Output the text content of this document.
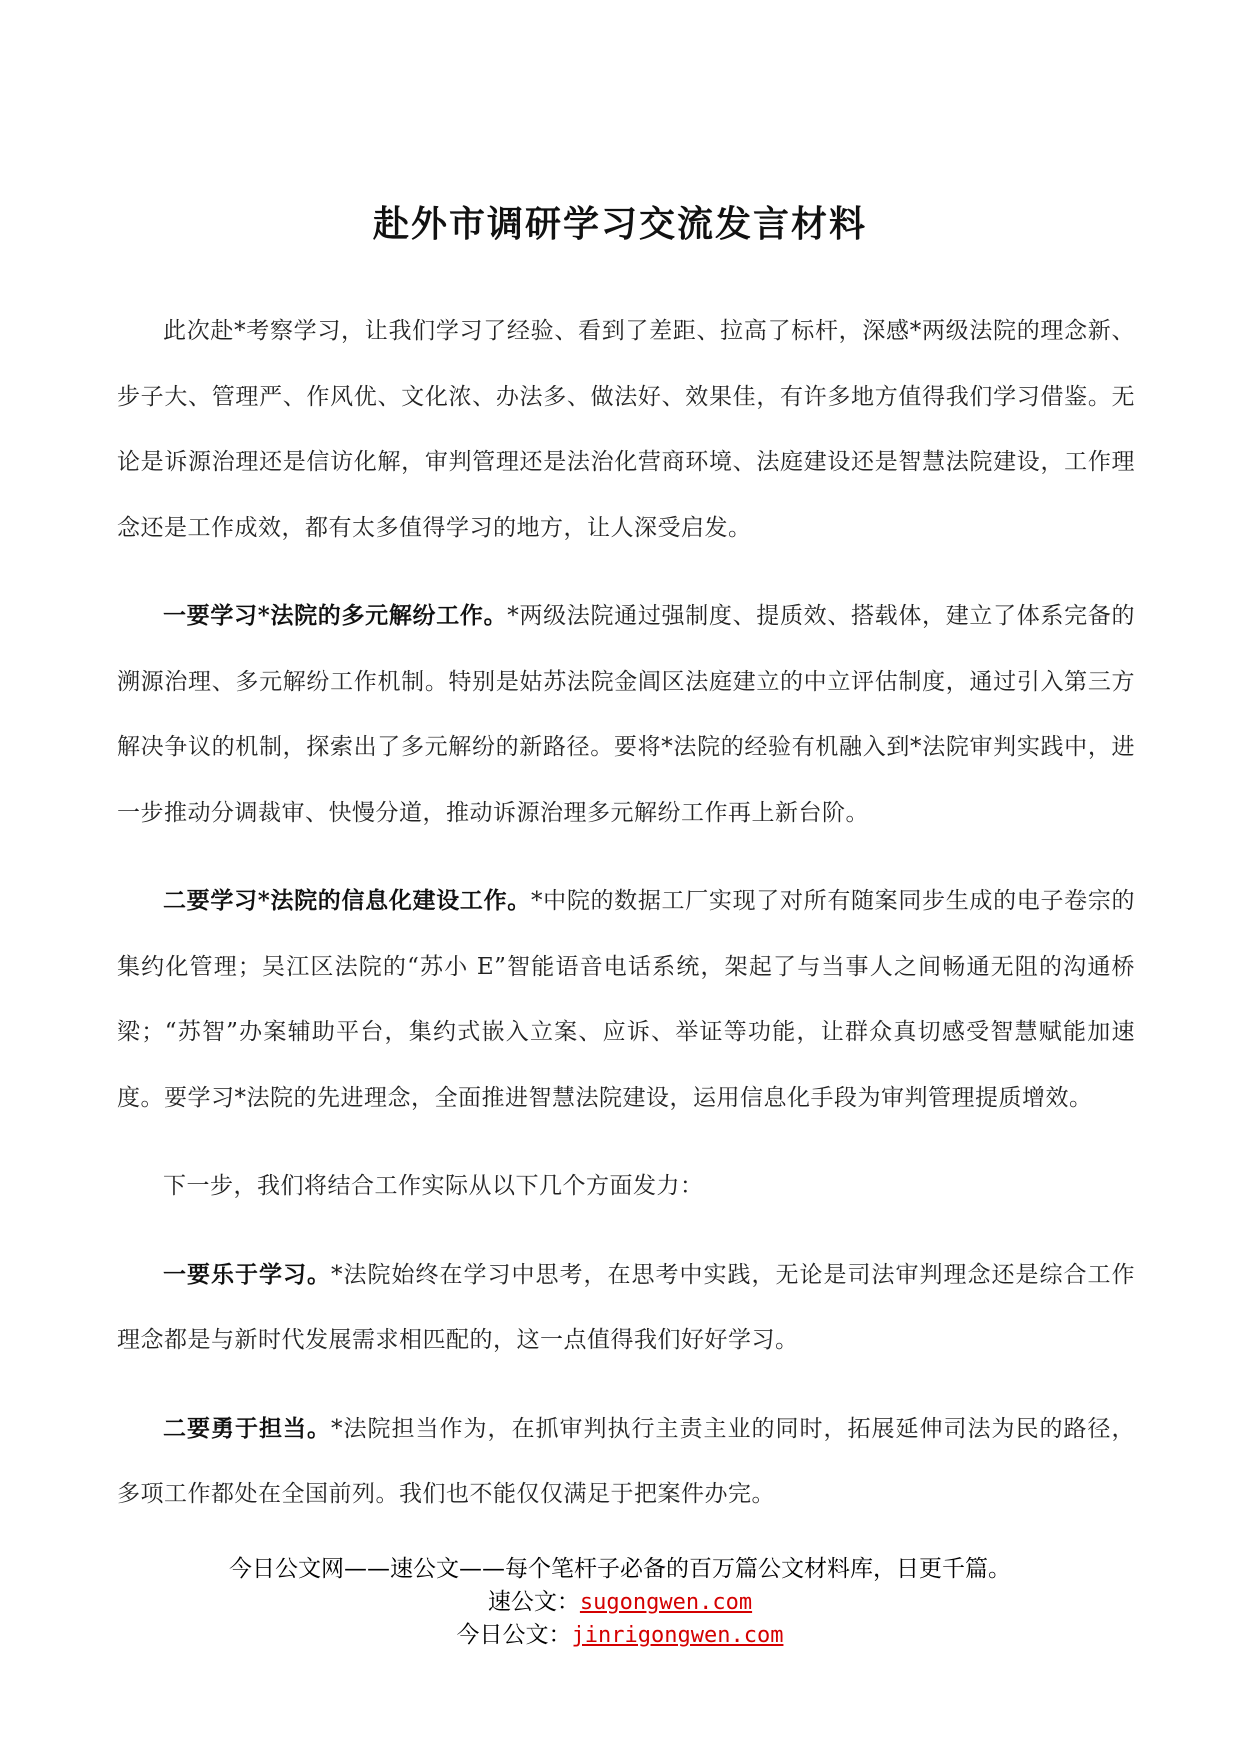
赴外市调研学习交流发言材料

此次赴*考察学习，让我们学习了经验、看到了差距、拉高了标杆，深感*两级法院的理念新、步子大、管理严、作风优、文化浓、办法多、做法好、效果佳，有许多地方值得我们学习借鉴。无论是诉源治理还是信访化解，审判管理还是法治化营商环境、法庭建设还是智慧法院建设，工作理念还是工作成效，都有太多值得学习的地方，让人深受启发。

一要学习*法院的多元解纷工作。*两级法院通过强制度、提质效、搭载体，建立了体系完备的溯源治理、多元解纷工作机制。特别是姑苏法院金阊区法庭建立的中立评估制度，通过引入第三方解决争议的机制，探索出了多元解纷的新路径。要将*法院的经验有机融入到*法院审判实践中，进一步推动分调裁审、快慢分道，推动诉源治理多元解纷工作再上新台阶。

二要学习*法院的信息化建设工作。*中院的数据工厂实现了对所有随案同步生成的电子卷宗的集约化管理；吴江区法院的“苏小 E”智能语音电话系统，架起了与当事人之间畅通无阻的沟通桥梁；“苏智”办案辅助平台，集约式嵌入立案、应诉、举证等功能，让群众真切感受智慧赋能加速度。要学习*法院的先进理念，全面推进智慧法院建设，运用信息化手段为审判管理提质增效。

下一步，我们将结合工作实际从以下几个方面发力：

一要乐于学习。*法院始终在学习中思考，在思考中实践，无论是司法审判理念还是综合工作理念都是与新时代发展需求相匹配的，这一点值得我们好好学习。

二要勇于担当。*法院担当作为，在抓审判执行主责主业的同时，拓展延伸司法为民的路径，多项工作都处在全国前列。我们也不能仅仅满足于把案件办完。

今日公文网——速公文——每个笔杆子必备的百万篇公文材料库，日更千篇。
速公文：sugongwen.com
今日公文：jinrigongwen.com
